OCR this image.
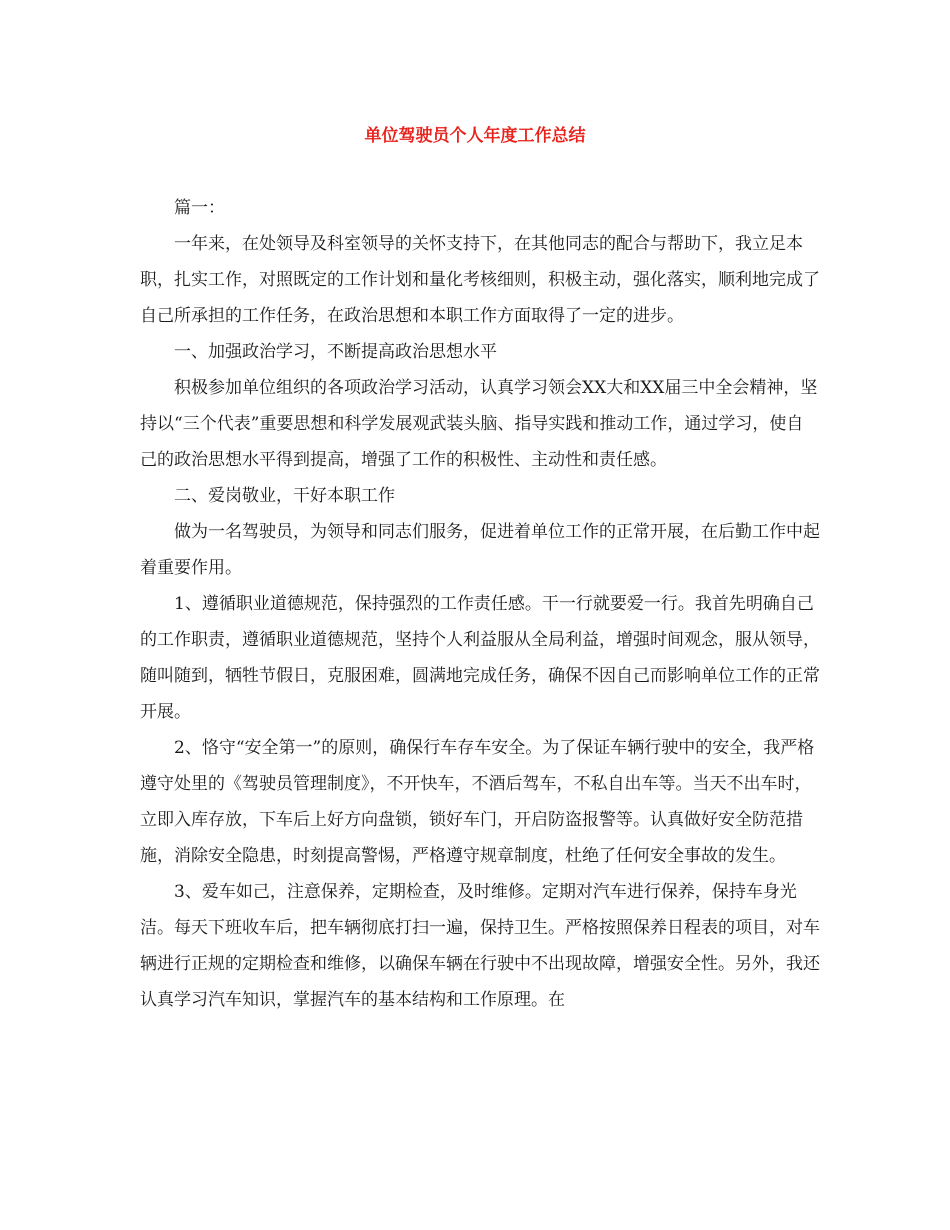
单位驾驶员个人年度工作总结

篇一：

一年来，在处领导及科室领导的关怀支持下，在其他同志的配合与帮助下，我立足本职，扎实工作，对照既定的工作计划和量化考核细则，积极主动，强化落实，顺利地完成了自己所承担的工作任务，在政治思想和本职工作方面取得了一定的进步。

一、加强政治学习，不断提高政治思想水平

积极参加单位组织的各项政治学习活动，认真学习领会XX大和XX届三中全会精神，坚持以“三个代表”重要思想和科学发展观武装头脑、指导实践和推动工作，通过学习，使自己的政治思想水平得到提高，增强了工作的积极性、主动性和责任感。

二、爱岗敬业，干好本职工作

做为一名驾驶员，为领导和同志们服务，促进着单位工作的正常开展，在后勤工作中起着重要作用。

1、遵循职业道德规范，保持强烈的工作责任感。干一行就要爱一行。我首先明确自己的工作职责，遵循职业道德规范，坚持个人利益服从全局利益，增强时间观念，服从领导，随叫随到，牺牲节假日，克服困难，圆满地完成任务，确保不因自己而影响单位工作的正常开展。

2、恪守“安全第一”的原则，确保行车存车安全。为了保证车辆行驶中的安全，我严格遵守处里的《驾驶员管理制度》，不开快车，不酒后驾车，不私自出车等。当天不出车时，立即入库存放，下车后上好方向盘锁，锁好车门，开启防盗报警等。认真做好安全防范措施，消除安全隐患，时刻提高警惕，严格遵守规章制度，杜绝了任何安全事故的发生。

3、爱车如己，注意保养，定期检查，及时维修。定期对汽车进行保养，保持车身光洁。每天下班收车后，把车辆彻底打扫一遍，保持卫生。严格按照保养日程表的项目，对车辆进行正规的定期检查和维修，以确保车辆在行驶中不出现故障，增强安全性。另外，我还认真学习汽车知识，掌握汽车的基本结构和工作原理。在
